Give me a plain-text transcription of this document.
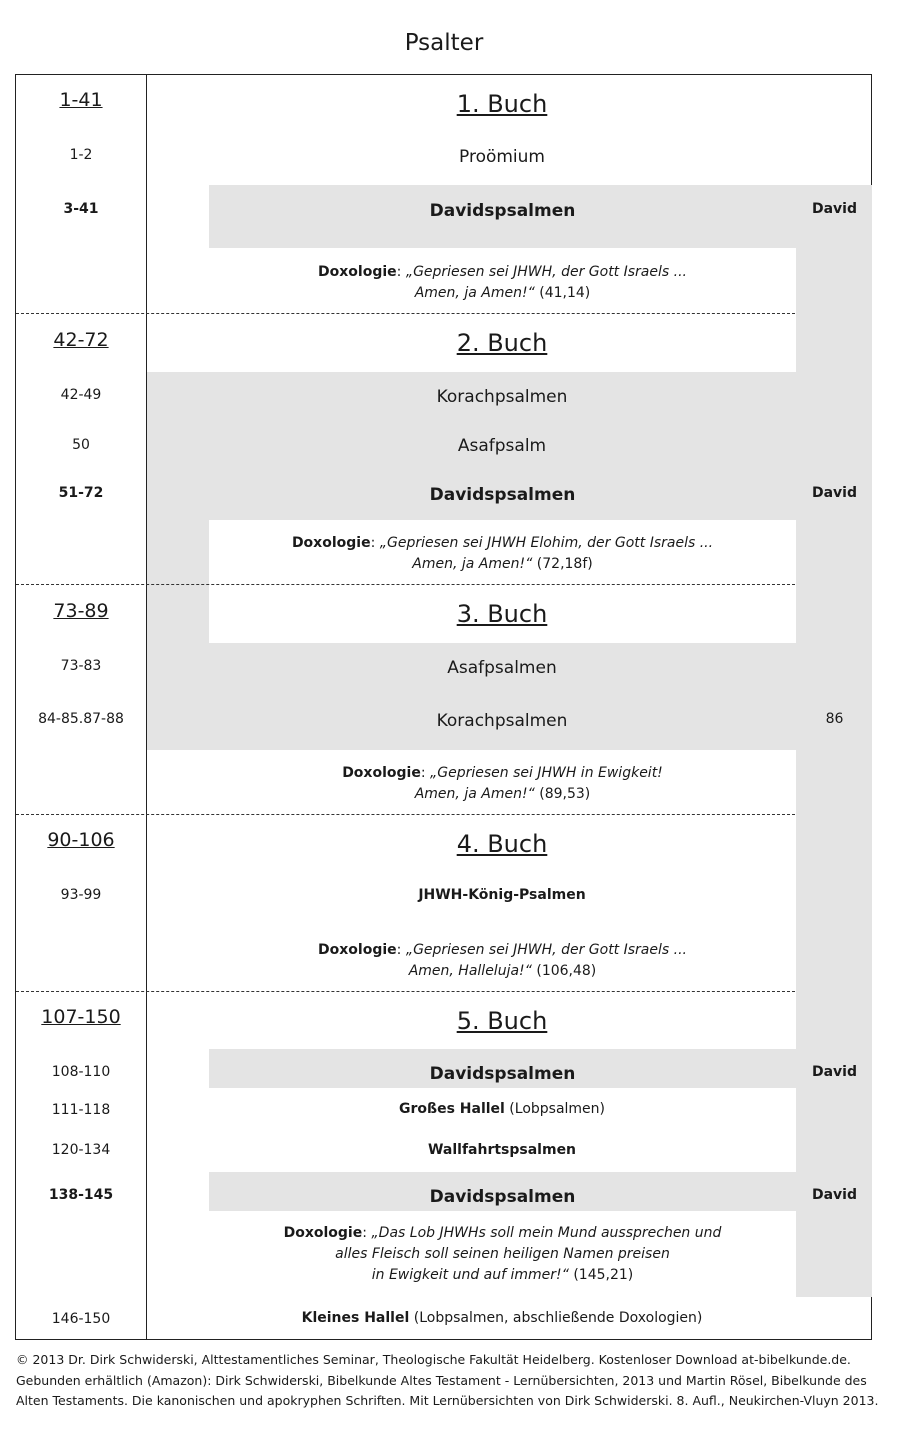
Psalter
1-41	1. Buch
1-2	Proömium
3-41	Davidspsalmen	David
Doxologie: „Gepriesen sei JHWH, der Gott Israels ...
Amen, ja Amen!“ (41,14)
42-72	2. Buch
42-49	Korachpsalmen
50	Asafpsalm
51-72	Davidspsalmen	David
Doxologie: „Gepriesen sei JHWH Elohim, der Gott Israels ...
Amen, ja Amen!“ (72,18f)
73-89	3. Buch
73-83	Asafpsalmen
84-85.87-88	Korachpsalmen	86
Doxologie: „Gepriesen sei JHWH in Ewigkeit!
Amen, ja Amen!“ (89,53)
90-106	4. Buch
93-99	JHWH-König-Psalmen
Doxologie: „Gepriesen sei JHWH, der Gott Israels ...
Amen, Halleluja!“ (106,48)
107-150	5. Buch
108-110	Davidspsalmen	David
111-118	Großes Hallel (Lobpsalmen)
120-134	Wallfahrtspsalmen
138-145	Davidspsalmen	David
Doxologie: „Das Lob JHWHs soll mein Mund aussprechen und
alles Fleisch soll seinen heiligen Namen preisen
in Ewigkeit und auf immer!“ (145,21)
146-150	Kleines Hallel (Lobpsalmen, abschließende Doxologien)
© 2013 Dr. Dirk Schwiderski, Alttestamentliches Seminar, Theologische Fakultät Heidelberg. Kostenloser Download at-bibelkunde.de.
Gebunden erhältlich (Amazon): Dirk Schwiderski, Bibelkunde Altes Testament - Lernübersichten, 2013 und Martin Rösel, Bibelkunde des
Alten Testaments. Die kanonischen und apokryphen Schriften. Mit Lernübersichten von Dirk Schwiderski. 8. Aufl., Neukirchen-Vluyn 2013.
